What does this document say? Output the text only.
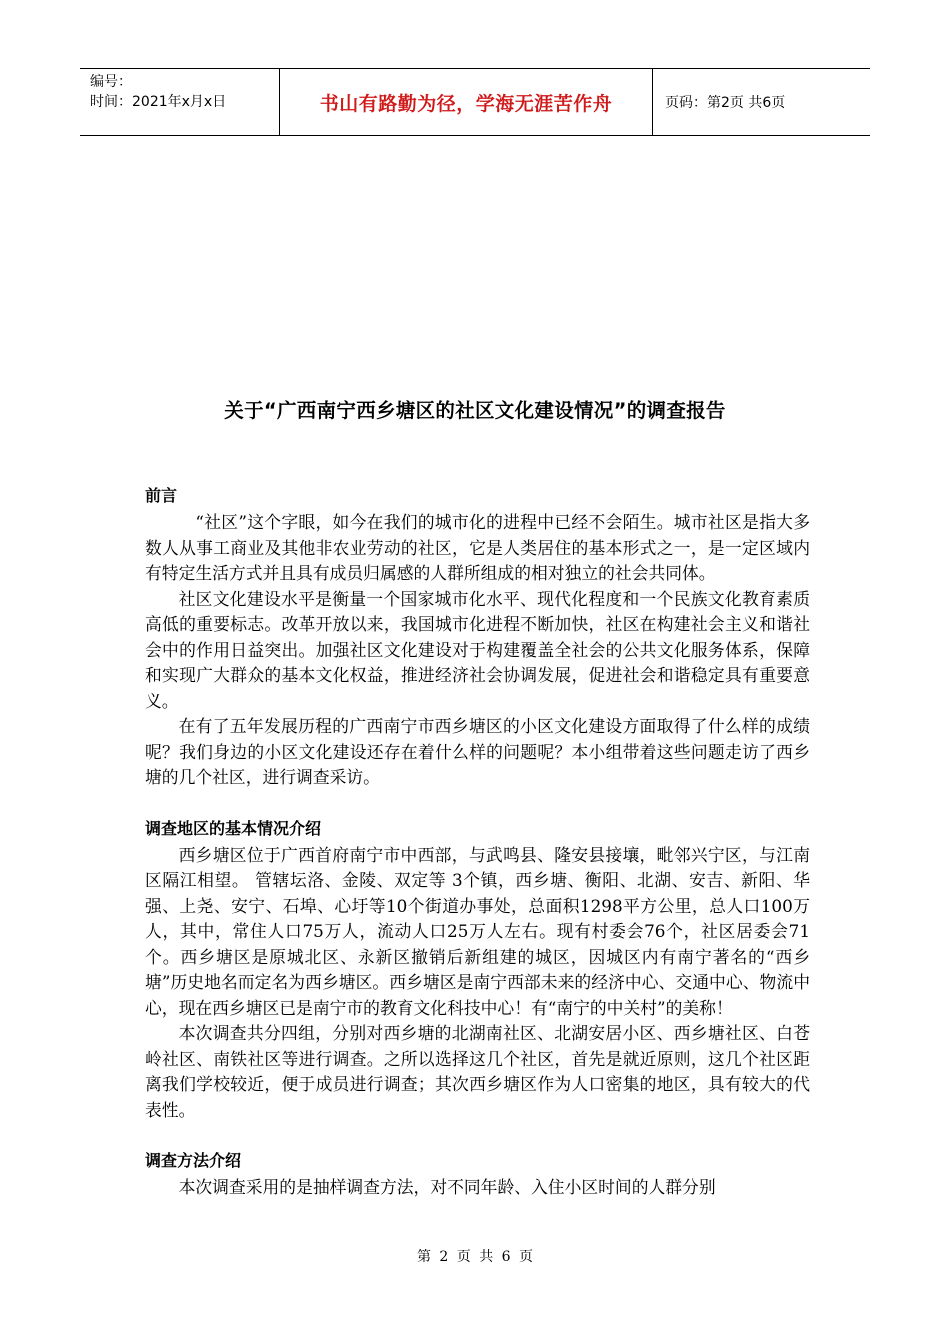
编号：
时间：2021年x月x日	书山有路勤为径，学海无涯苦作舟	页码：第2页 共6页
关于“广西南宁西乡塘区的社区文化建设情况”的调查报告

前言

“社区”这个字眼，如今在我们的城市化的进程中已经不会陌生。城市社区是指大多数人从事工商业及其他非农业劳动的社区，它是人类居住的基本形式之一，是一定区域内有特定生活方式并且具有成员归属感的人群所组成的相对独立的社会共同体。

社区文化建设水平是衡量一个国家城市化水平、现代化程度和一个民族文化教育素质高低的重要标志。改革开放以来，我国城市化进程不断加快，社区在构建社会主义和谐社会中的作用日益突出。加强社区文化建设对于构建覆盖全社会的公共文化服务体系，保障和实现广大群众的基本文化权益，推进经济社会协调发展，促进社会和谐稳定具有重要意义。

在有了五年发展历程的广西南宁市西乡塘区的小区文化建设方面取得了什么样的成绩呢？我们身边的小区文化建设还存在着什么样的问题呢？本小组带着这些问题走访了西乡塘的几个社区，进行调查采访。

调查地区的基本情况介绍

西乡塘区位于广西首府南宁市中西部，与武鸣县、隆安县接壤，毗邻兴宁区，与江南区隔江相望。 管辖坛洛、金陵、双定等 3个镇，西乡塘、衡阳、北湖、安吉、新阳、华强、上尧、安宁、石埠、心圩等10个街道办事处，总面积1298平方公里，总人口100万人，其中，常住人口75万人，流动人口25万人左右。现有村委会76个，社区居委会71个。西乡塘区是原城北区、永新区撤销后新组建的城区，因城区内有南宁著名的“西乡塘”历史地名而定名为西乡塘区。西乡塘区是南宁西部未来的经济中心、交通中心、物流中心，现在西乡塘区已是南宁市的教育文化科技中心！有“南宁的中关村”的美称！

本次调查共分四组，分别对西乡塘的北湖南社区、北湖安居小区、西乡塘社区、白苍岭社区、南铁社区等进行调查。之所以选择这几个社区，首先是就近原则，这几个社区距离我们学校较近，便于成员进行调查；其次西乡塘区作为人口密集的地区，具有较大的代表性。

调查方法介绍

本次调查采用的是抽样调查方法，对不同年龄、入住小区时间的人群分别

第 2 页 共 6 页
